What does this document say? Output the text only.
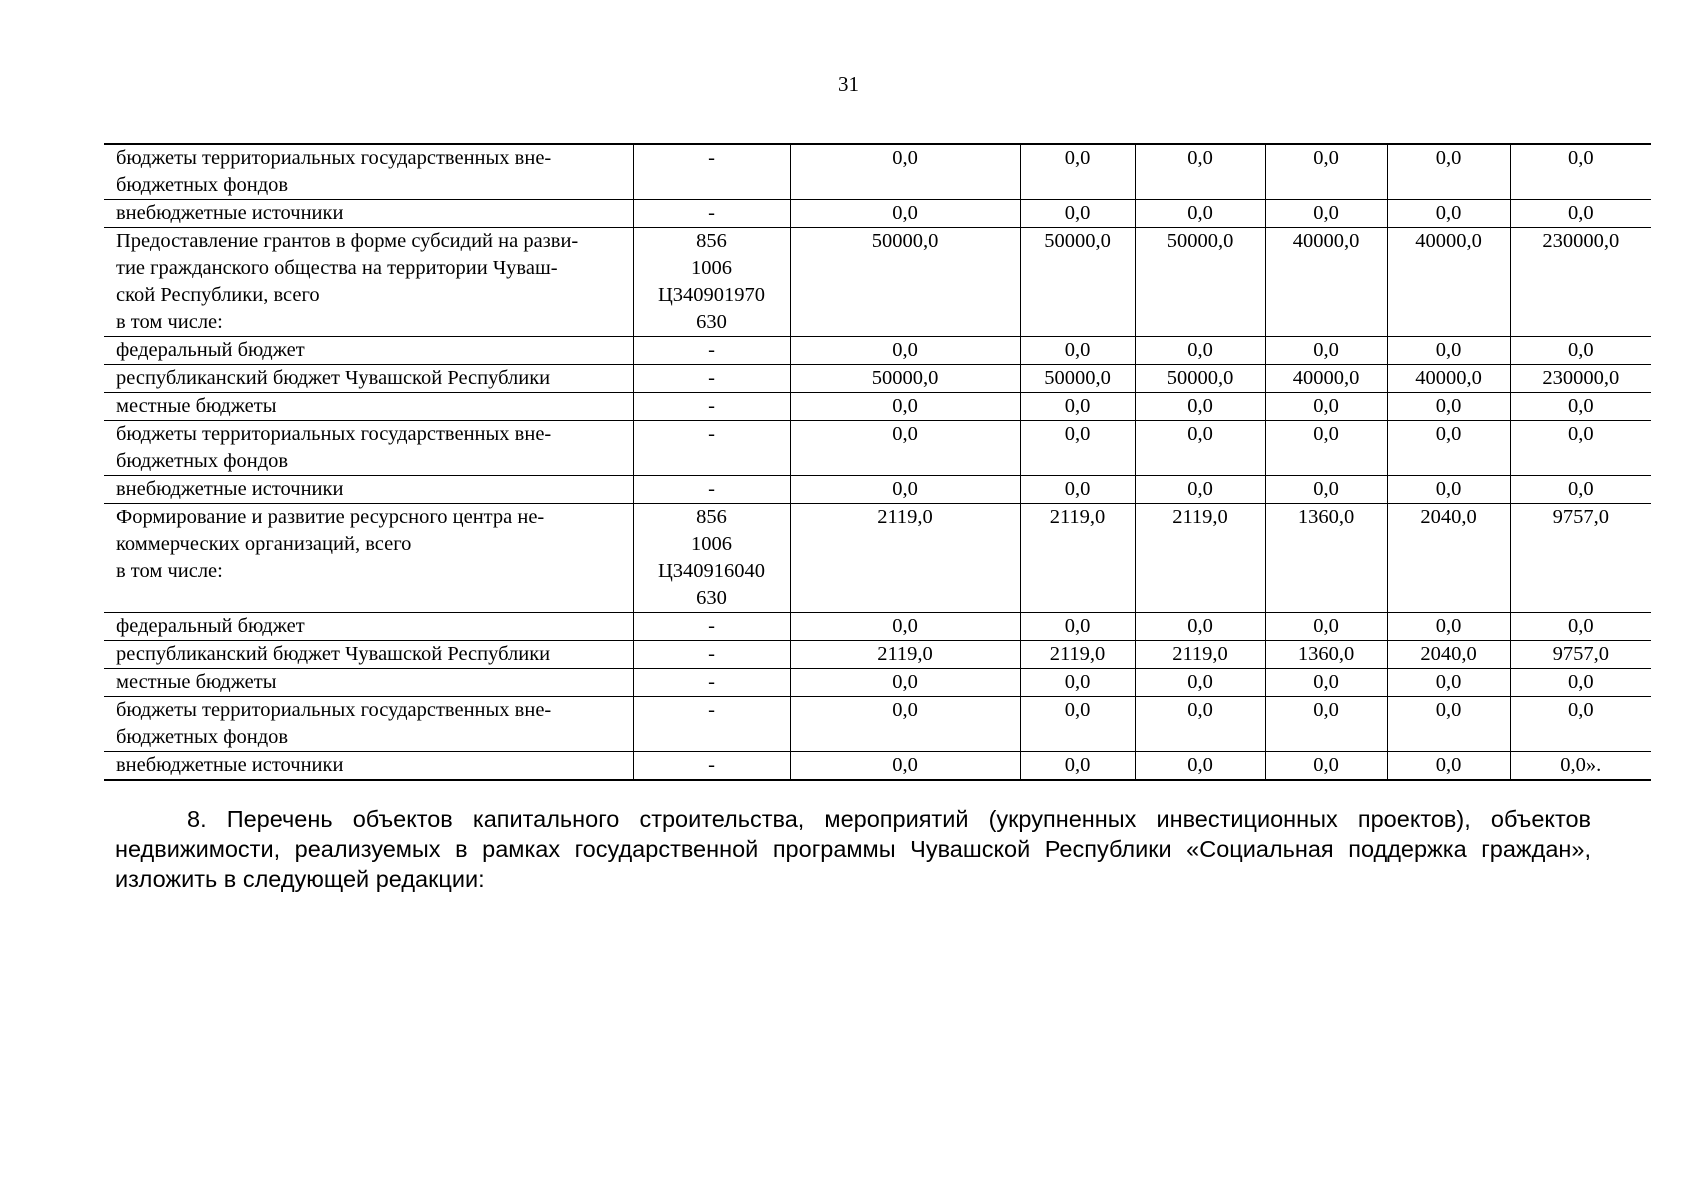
31
бюджеты территориальных государственных вне-
бюджетных фондов	-	0,0	0,0	0,0	0,0	0,0	0,0

внебюджетные источники	-	0,0	0,0	0,0	0,0	0,0	0,0

Предоставление грантов в форме субсидий на разви-
тие гражданского общества на территории Чуваш-
ской Республики, всего
в том числе:	856
1006
Ц340901970
630	50000,0	50000,0	50000,0	40000,0	40000,0	230000,0

федеральный бюджет	-	0,0	0,0	0,0	0,0	0,0	0,0

республиканский бюджет Чувашской Республики	-	50000,0	50000,0	50000,0	40000,0	40000,0	230000,0

местные бюджеты	-	0,0	0,0	0,0	0,0	0,0	0,0

бюджеты территориальных государственных вне-
бюджетных фондов	-	0,0	0,0	0,0	0,0	0,0	0,0

внебюджетные источники	-	0,0	0,0	0,0	0,0	0,0	0,0

Формирование и развитие ресурсного центра не-
коммерческих организаций, всего
в том числе:	856
1006
Ц340916040
630	2119,0	2119,0	2119,0	1360,0	2040,0	9757,0

федеральный бюджет	-	0,0	0,0	0,0	0,0	0,0	0,0

республиканский бюджет Чувашской Республики	-	2119,0	2119,0	2119,0	1360,0	2040,0	9757,0

местные бюджеты	-	0,0	0,0	0,0	0,0	0,0	0,0

бюджеты территориальных государственных вне-
бюджетных фондов	-	0,0	0,0	0,0	0,0	0,0	0,0

внебюджетные источники	-	0,0	0,0	0,0	0,0	0,0	0,0».
8. Перечень объектов капитального строительства, мероприятий (укрупненных инвестиционных проектов), объектов недвижимости, реализуемых в рамках государственной программы Чувашской Республики «Социальная поддержка граждан», изложить в следующей редакции:
